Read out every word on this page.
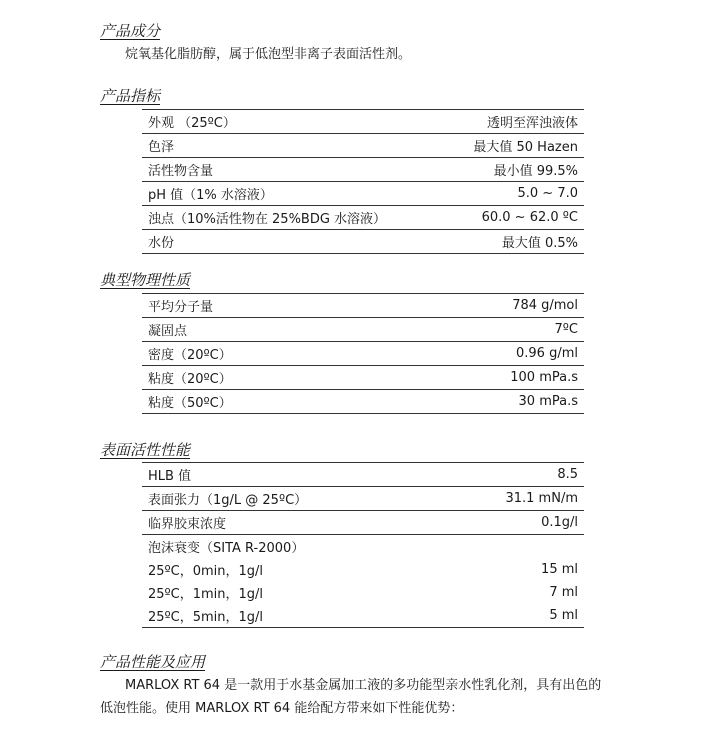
产品成分
烷氧基化脂肪醇，属于低泡型非离子表面活性剂。
产品指标
外观 （25ºC）	透明至浑浊液体
色泽	最大值 50 Hazen
活性物含量	最小值 99.5%
pH 值（1% 水溶液）	5.0 ~ 7.0
浊点（10%活性物在 25%BDG 水溶液）	60.0 ~ 62.0 ºC
水份	最大值 0.5%
典型物理性质
平均分子量	784 g/mol
凝固点	7ºC
密度（20ºC）	0.96 g/ml
粘度（20ºC）	100 mPa.s
粘度（50ºC）	30 mPa.s
表面活性性能
HLB 值	8.5
表面张力（1g/L @ 25ºC）	31.1 mN/m
临界胶束浓度	0.1g/l
泡沫衰变（SITA R-2000）	
25ºC，0min，1g/l	15 ml
25ºC，1min，1g/l	7 ml
25ºC，5min，1g/l	5 ml
产品性能及应用
MARLOX RT 64 是一款用于水基金属加工液的多功能型亲水性乳化剂，具有出色的
低泡性能。使用 MARLOX RT 64 能给配方带来如下性能优势：
